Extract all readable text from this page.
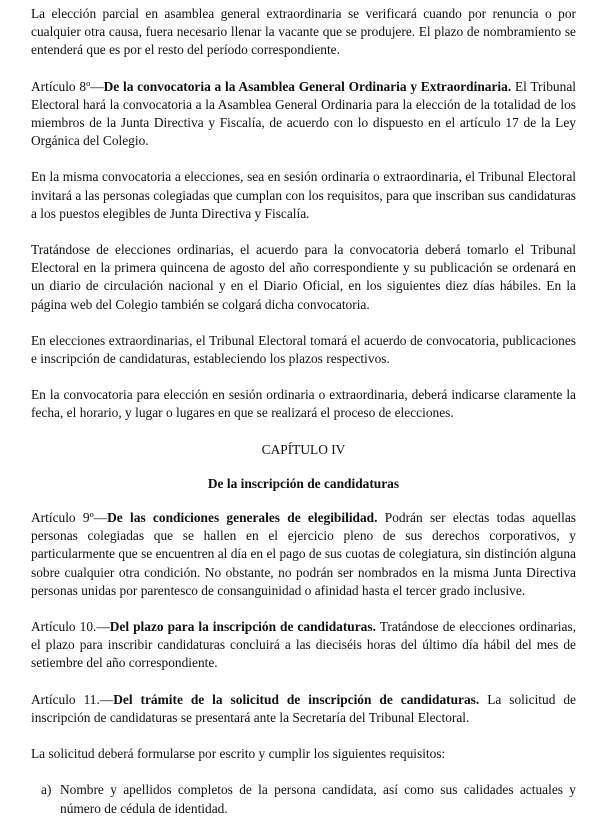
La elección parcial en asamblea general extraordinaria se verificará cuando por renuncia o por cualquier otra causa, fuera necesario llenar la vacante que se produjere. El plazo de nombramiento se entenderá que es por el resto del período correspondiente.

Artículo 8º—De la convocatoria a la Asamblea General Ordinaria y Extraordinaria. El Tribunal Electoral hará la convocatoria a la Asamblea General Ordinaria para la elección de la totalidad de los miembros de la Junta Directiva y Fiscalía, de acuerdo con lo dispuesto en el artículo 17 de la Ley Orgánica del Colegio.

En la misma convocatoria a elecciones, sea en sesión ordinaria o extraordinaria, el Tribunal Electoral invitará a las personas colegiadas que cumplan con los requisitos, para que inscriban sus candidaturas a los puestos elegibles de Junta Directiva y Fiscalía.

Tratándose de elecciones ordinarias, el acuerdo para la convocatoria deberá tomarlo el Tribunal Electoral en la primera quincena de agosto del año correspondiente y su publicación se ordenará en un diario de circulación nacional y en el Diario Oficial, en los siguientes diez días hábiles. En la página web del Colegio también se colgará dicha convocatoria.

En elecciones extraordinarias, el Tribunal Electoral tomará el acuerdo de convocatoria, publicaciones e inscripción de candidaturas, estableciendo los plazos respectivos.

En la convocatoria para elección en sesión ordinaria o extraordinaria, deberá indicarse claramente la fecha, el horario, y lugar o lugares en que se realizará el proceso de elecciones.

CAPÍTULO IV

De la inscripción de candidaturas

Artículo 9º—De las condiciones generales de elegibilidad. Podrán ser electas todas aquellas personas colegiadas que se hallen en el ejercicio pleno de sus derechos corporativos, y particularmente que se encuentren al día en el pago de sus cuotas de colegiatura, sin distinción alguna sobre cualquier otra condición. No obstante, no podrán ser nombrados en la misma Junta Directiva personas unidas por parentesco de consanguinidad o afinidad hasta el tercer grado inclusive.

Artículo 10.—Del plazo para la inscripción de candidaturas. Tratándose de elecciones ordinarias, el plazo para inscribir candidaturas concluirá a las dieciséis horas del último día hábil del mes de setiembre del año correspondiente.

Artículo 11.—Del trámite de la solicitud de inscripción de candidaturas. La solicitud de inscripción de candidaturas se presentará ante la Secretaría del Tribunal Electoral.

La solicitud deberá formularse por escrito y cumplir los siguientes requisitos:

a) Nombre y apellidos completos de la persona candidata, así como sus calidades actuales y número de cédula de identidad.
